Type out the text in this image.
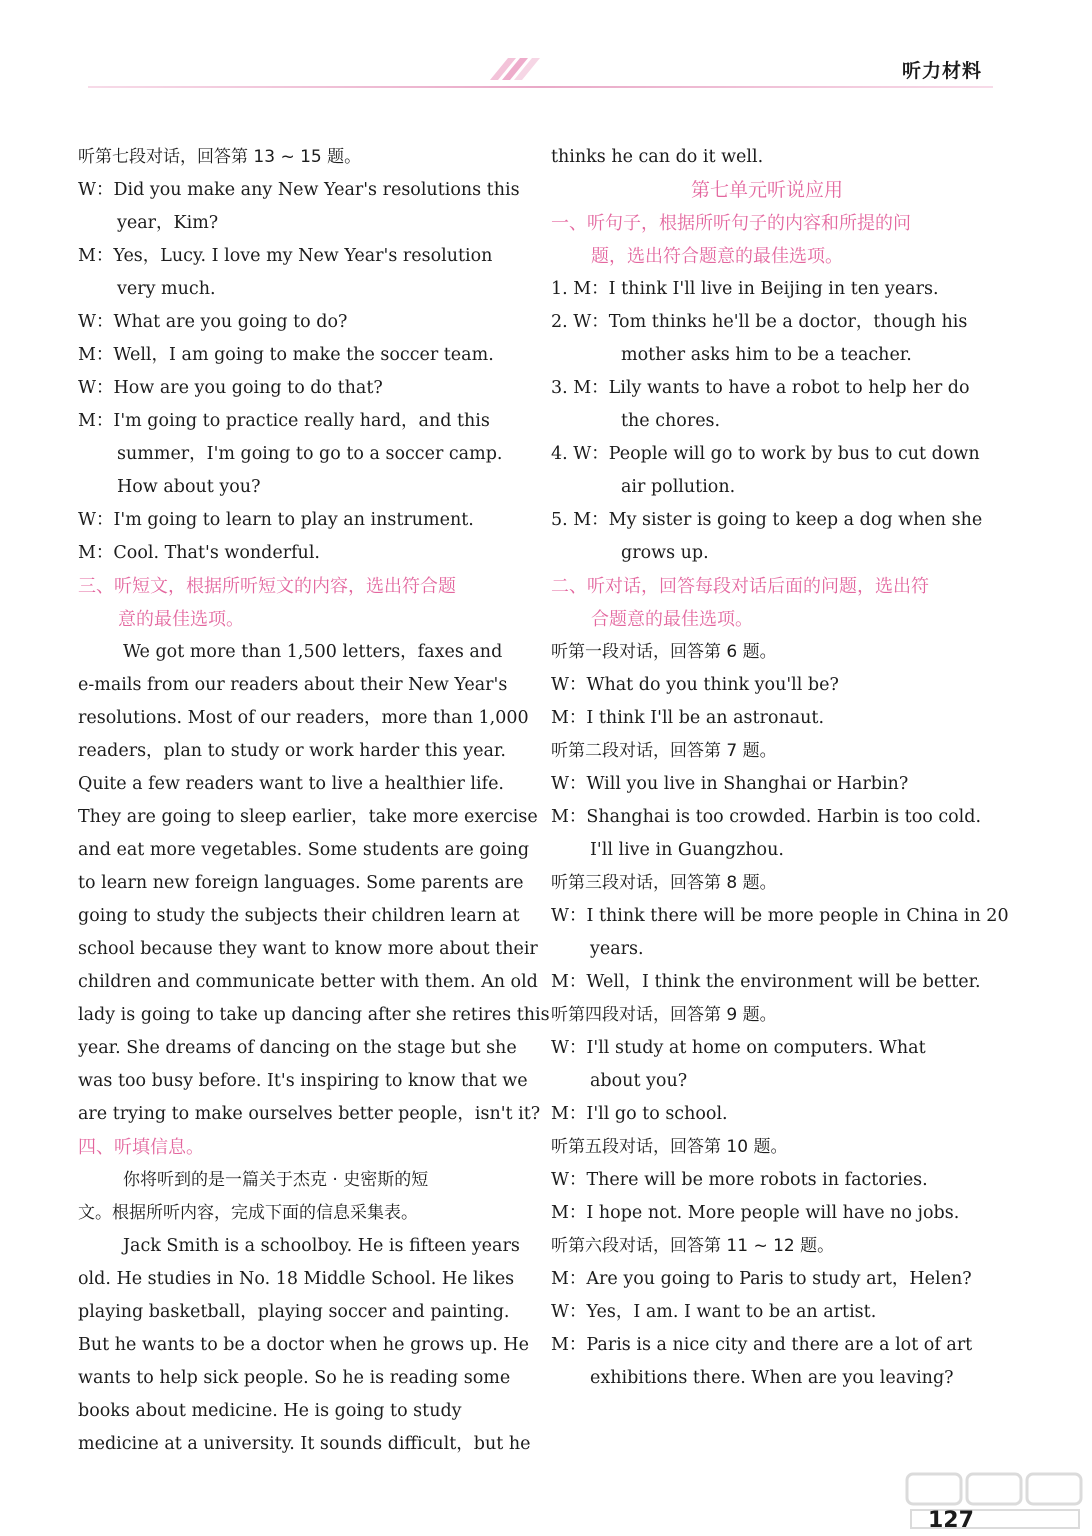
听力材料
听第七段对话，回答第 13 ~ 15 题。
W：Did you make any New Year's resolutions this
year，Kim?
M：Yes，Lucy. I love my New Year's resolution
very much.
W：What are you going to do?
M：Well，I am going to make the soccer team.
W：How are you going to do that?
M：I'm going to practice really hard，and this
summer，I'm going to go to a soccer camp.
How about you?
W：I'm going to learn to play an instrument.
M：Cool. That's wonderful.
三、听短文，根据所听短文的内容，选出符合题
意的最佳选项。
We got more than 1,500 letters，faxes and
e-mails from our readers about their New Year's
resolutions. Most of our readers，more than 1,000
readers，plan to study or work harder this year.
Quite a few readers want to live a healthier life.
They are going to sleep earlier，take more exercise
and eat more vegetables. Some students are going
to learn new foreign languages. Some parents are
going to study the subjects their children learn at
school because they want to know more about their
children and communicate better with them. An old
lady is going to take up dancing after she retires this
year. She dreams of dancing on the stage but she
was too busy before. It's inspiring to know that we
are trying to make ourselves better people，isn't it?
四、听填信息。
你将听到的是一篇关于杰克 · 史密斯的短
文。根据所听内容，完成下面的信息采集表。
Jack Smith is a schoolboy. He is fifteen years
old. He studies in No. 18 Middle School. He likes
playing basketball，playing soccer and painting.
But he wants to be a doctor when he grows up. He
wants to help sick people. So he is reading some
books about medicine. He is going to study
medicine at a university. It sounds difficult，but he
thinks he can do it well.
第七单元听说应用
一、听句子，根据所听句子的内容和所提的问
题，选出符合题意的最佳选项。
1. M：I think I'll live in Beijing in ten years.
2. W：Tom thinks he'll be a doctor，though his
mother asks him to be a teacher.
3. M：Lily wants to have a robot to help her do
the chores.
4. W：People will go to work by bus to cut down
air pollution.
5. M：My sister is going to keep a dog when she
grows up.
二、听对话，回答每段对话后面的问题，选出符
合题意的最佳选项。
听第一段对话，回答第 6 题。
W：What do you think you'll be?
M：I think I'll be an astronaut.
听第二段对话，回答第 7 题。
W：Will you live in Shanghai or Harbin?
M：Shanghai is too crowded. Harbin is too cold.
I'll live in Guangzhou.
听第三段对话，回答第 8 题。
W：I think there will be more people in China in 20
years.
M：Well，I think the environment will be better.
听第四段对话，回答第 9 题。
W：I'll study at home on computers. What
about you?
M：I'll go to school.
听第五段对话，回答第 10 题。
W：There will be more robots in factories.
M：I hope not. More people will have no jobs.
听第六段对话，回答第 11 ~ 12 题。
M：Are you going to Paris to study art，Helen?
W：Yes，I am. I want to be an artist.
M：Paris is a nice city and there are a lot of art
exhibitions there. When are you leaving?
127
